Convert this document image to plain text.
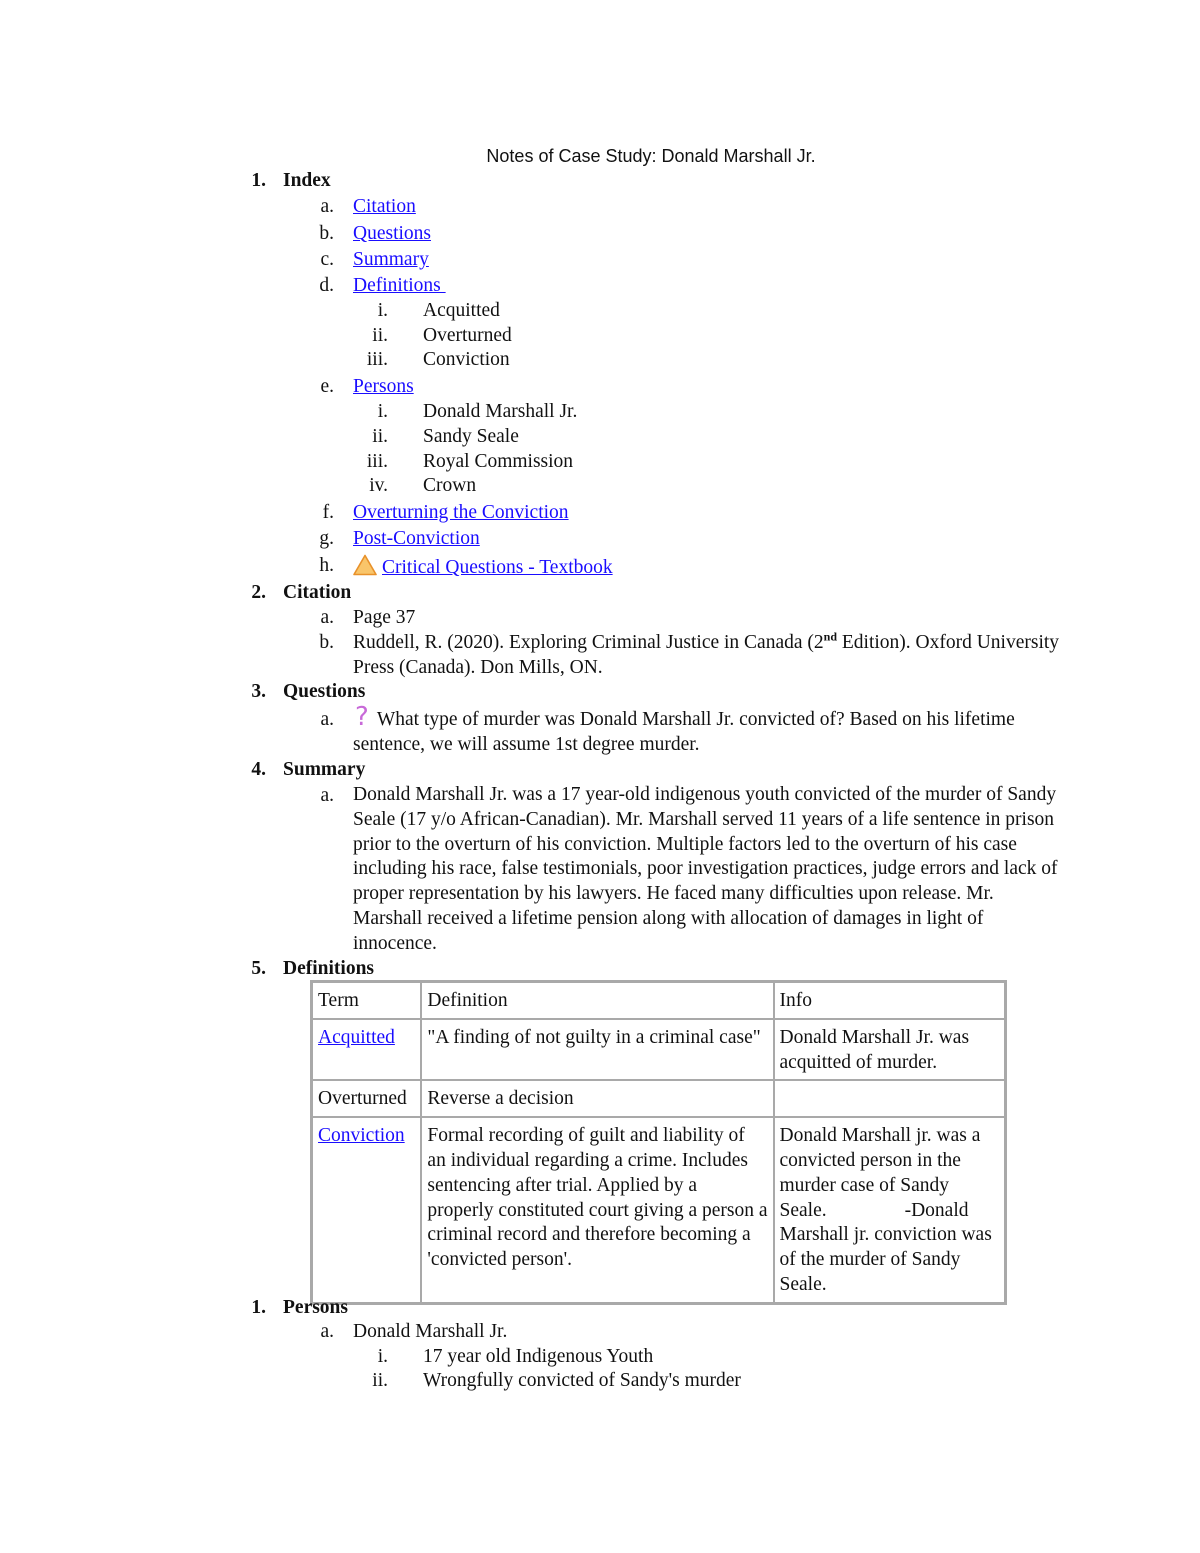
Notes of Case Study: Donald Marshall Jr.
1. Index
a. Citation
b. Questions
c. Summary
d. Definitions
i. Acquitted
ii. Overturned
iii. Conviction
e. Persons
i. Donald Marshall Jr.
ii. Sandy Seale
iii. Royal Commission
iv. Crown
f. Overturning the Conviction
g. Post-Conviction
h.	Critical Questions - Textbook
2. Citation
a. Page 37
b. Ruddell, R. (2020). Exploring Criminal Justice in Canada (2nd Edition). Oxford University Press (Canada). Don Mills, ON.
3. Questions
a. ? What type of murder was Donald Marshall Jr. convicted of? Based on his lifetime sentence, we will assume 1st degree murder.
4. Summary
a. Donald Marshall Jr. was a 17 year-old indigenous youth convicted of the murder of Sandy Seale (17 y/o African-Canadian). Mr. Marshall served 11 years of a life sentence in prison prior to the overturn of his conviction. Multiple factors led to the overturn of his case including his race, false testimonials, poor investigation practices, judge errors and lack of proper representation by his lawyers. He faced many difficulties upon release. Mr. Marshall received a lifetime pension along with allocation of damages in light of innocence.
5. Definitions
Term	Definition	Info
Acquitted	"A finding of not guilty in a criminal case"	Donald Marshall Jr. was acquitted of murder.
Overturned	Reverse a decision	
Conviction	Formal recording of guilt and liability of an individual regarding a crime. Includes sentencing after trial. Applied by a properly constituted court giving a person a criminal record and therefore becoming a 'convicted person'.	Donald Marshall jr. was a convicted person in the murder case of Sandy Seale.                -Donald Marshall jr. conviction was of the murder of Sandy Seale.
1. Persons
a. Donald Marshall Jr.
i. 17 year old Indigenous Youth
ii. Wrongfully convicted of Sandy's murder
